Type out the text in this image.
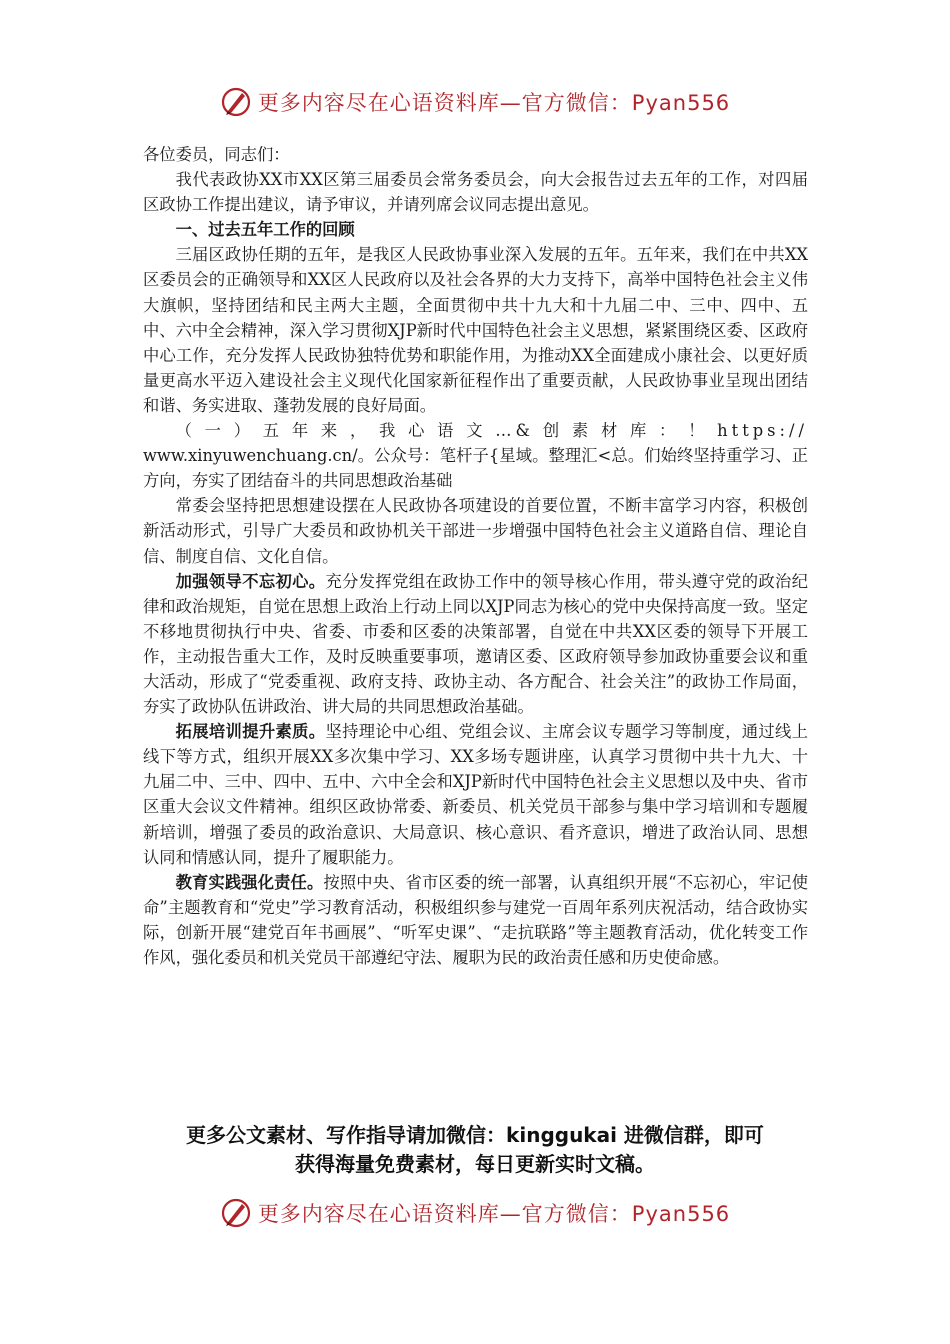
更多内容尽在心语资料库—官方微信：Pyan556

各位委员，同志们：

我代表政协XX市XX区第三届委员会常务委员会，向大会报告过去五年的工作，对四届区政协工作提出建议，请予审议，并请列席会议同志提出意见。

一、过去五年工作的回顾

三届区政协任期的五年，是我区人民政协事业深入发展的五年。五年来，我们在中共XX区委员会的正确领导和XX区人民政府以及社会各界的大力支持下，高举中国特色社会主义伟大旗帜，坚持团结和民主两大主题，全面贯彻中共十九大和十九届二中、三中、四中、五中、六中全会精神，深入学习贯彻XJP新时代中国特色社会主义思想，紧紧围绕区委、区政府中心工作，充分发挥人民政协独特优势和职能作用，为推动XX全面建成小康社会、以更好质量更高水平迈入建设社会主义现代化国家新征程作出了重要贡献，人民政协事业呈现出团结和谐、务实进取、蓬勃发展的良好局面。

（一）五年来，我心语文…&创素材库：！https://

www.xinyuwenchuang.cn/。公众号：笔杆子{星域。整理汇<总。们始终坚持重学习、正方向，夯实了团结奋斗的共同思想政治基础

常委会坚持把思想建设摆在人民政协各项建设的首要位置，不断丰富学习内容，积极创新活动形式，引导广大委员和政协机关干部进一步增强中国特色社会主义道路自信、理论自信、制度自信、文化自信。

加强领导不忘初心。充分发挥党组在政协工作中的领导核心作用，带头遵守党的政治纪律和政治规矩，自觉在思想上政治上行动上同以XJP同志为核心的党中央保持高度一致。坚定不移地贯彻执行中央、省委、市委和区委的决策部署，自觉在中共XX区委的领导下开展工作，主动报告重大工作，及时反映重要事项，邀请区委、区政府领导参加政协重要会议和重大活动，形成了“党委重视、政府支持、政协主动、各方配合、社会关注”的政协工作局面，夯实了政协队伍讲政治、讲大局的共同思想政治基础。

拓展培训提升素质。坚持理论中心组、党组会议、主席会议专题学习等制度，通过线上线下等方式，组织开展XX多次集中学习、XX多场专题讲座，认真学习贯彻中共十九大、十九届二中、三中、四中、五中、六中全会和XJP新时代中国特色社会主义思想以及中央、省市区重大会议文件精神。组织区政协常委、新委员、机关党员干部参与集中学习培训和专题履新培训，增强了委员的政治意识、大局意识、核心意识、看齐意识，增进了政治认同、思想认同和情感认同，提升了履职能力。

教育实践强化责任。按照中央、省市区委的统一部署，认真组织开展“不忘初心，牢记使命”主题教育和“党史”学习教育活动，积极组织参与建党一百周年系列庆祝活动，结合政协实际，创新开展“建党百年书画展”、“听军史课”、“走抗联路”等主题教育活动，优化转变工作作风，强化委员和机关党员干部遵纪守法、履职为民的政治责任感和历史使命感。

更多公文素材、写作指导请加微信：kinggukai 进微信群，即可
获得海量免费素材，每日更新实时文稿。
更多内容尽在心语资料库—官方微信：Pyan556
